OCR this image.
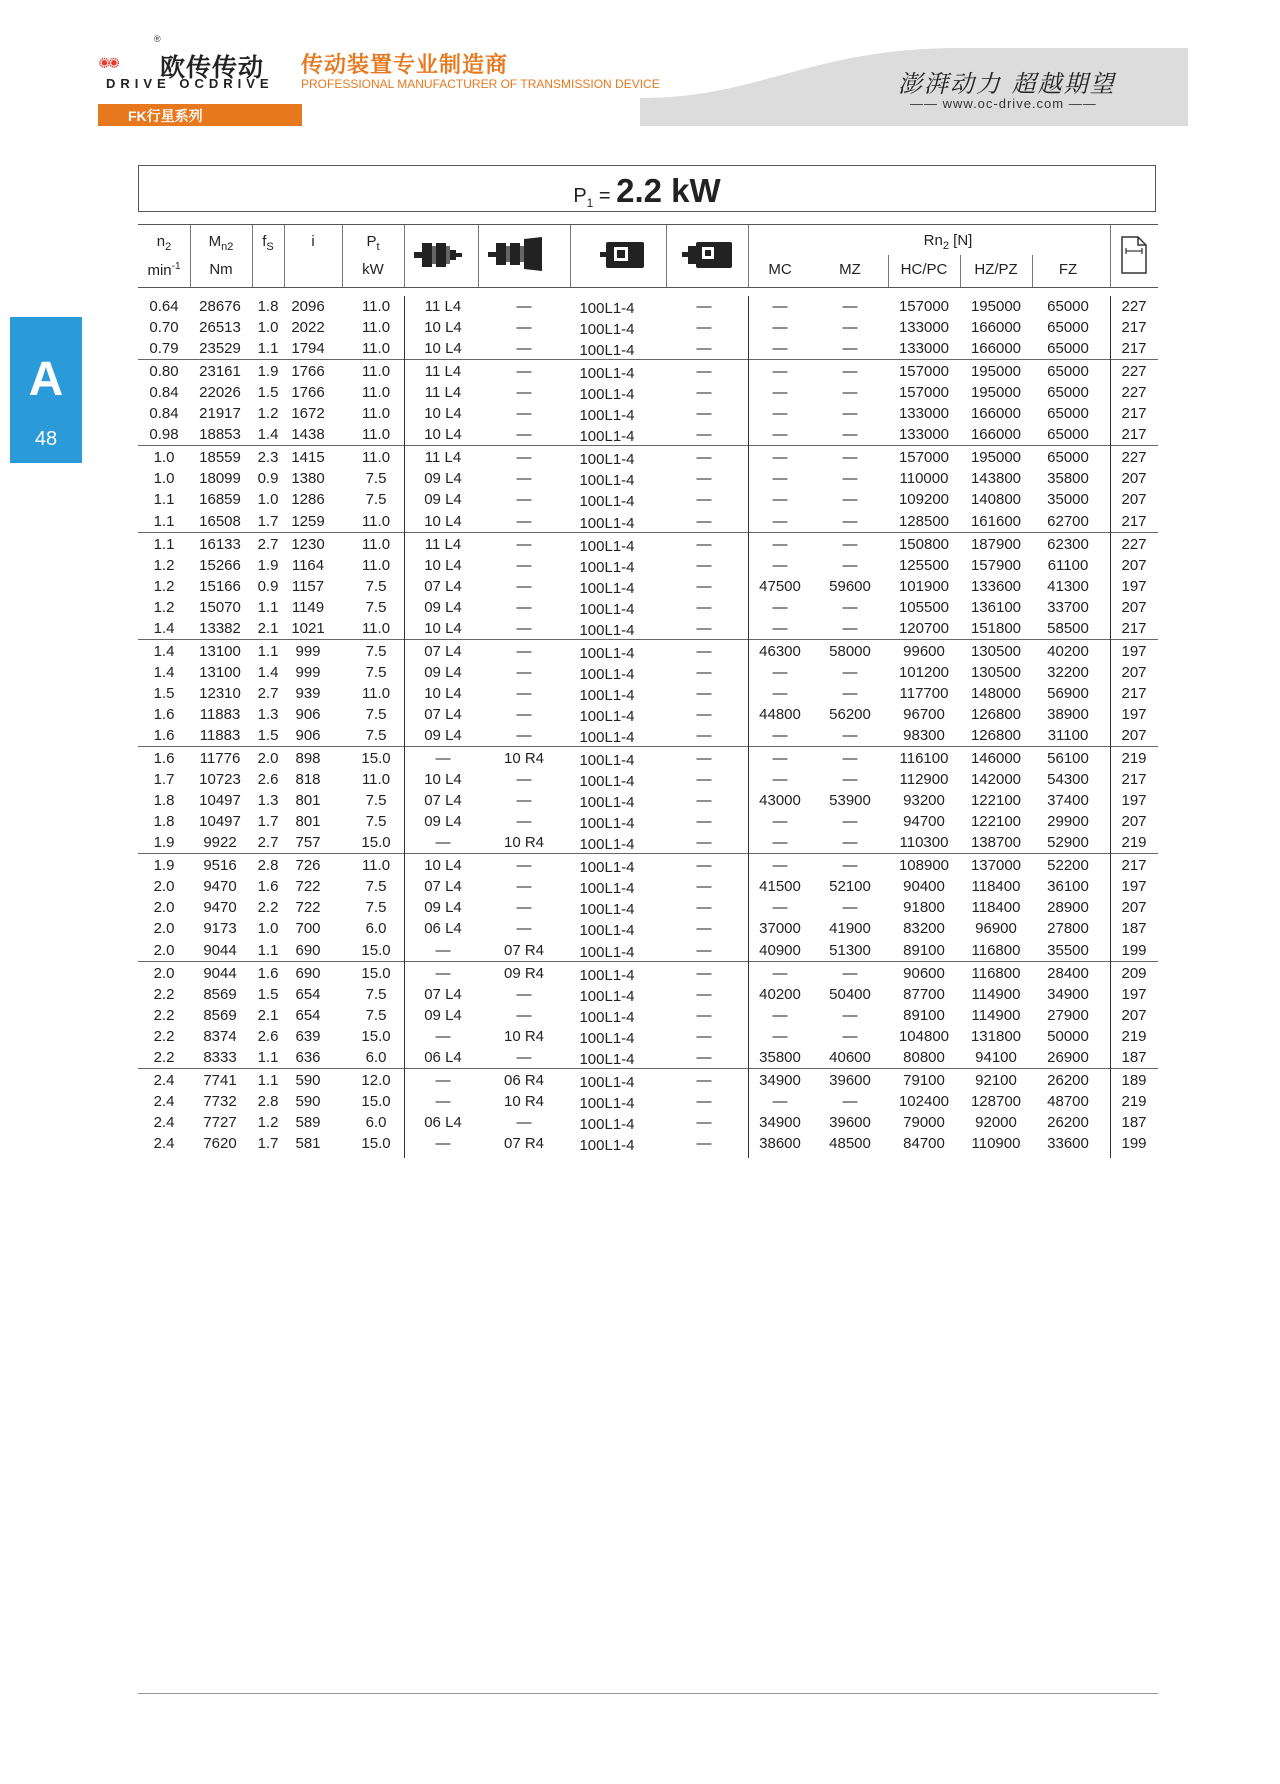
®
欧传传动
DRIVE OCDRIVE
传动装置专业制造商
PROFESSIONAL MANUFACTURER OF TRANSMISSION DEVICE	澎湃动力 超越期望
—— www.oc-drive.com ——
FK行星系列
A
48
$P_1 = 2.2$ kW
$n_2$
$\min^{-1}$
$M_{n2}$
Nm
$f_S$	i	$P_t$
kW
$Rn_2$ [N]
MC	MZ	HC/PC	HZ/PZ	FZ
0.64	28676	1.8 2096	11.0	11 L4	—	100L1-4	—	—	—	157000	195000	65000	227
0.70	26513	1.0 2022	11.0	10 L4	—	100L1-4	—	—	—	133000	166000	65000	217
0.79	23529	1.1 1794	11.0	10 L4	—	100L1-4	—	—	—	133000	166000	65000	217
0.80	23161	1.9 1766	11.0	11 L4	—	100L1-4	—	—	—	157000	195000	65000	227
0.84	22026	1.5 1766	11.0	11 L4	—	100L1-4	—	—	—	157000	195000	65000	227
0.84	21917	1.2 1672	11.0	10 L4	—	100L1-4	—	—	—	133000	166000	65000	217
0.98	18853	1.4 1438	11.0	10 L4	—	100L1-4	—	—	—	133000	166000	65000	217
1.0	18559	2.3 1415	11.0	11 L4	—	100L1-4	—	—	—	157000	195000	65000	227
1.0	18099	0.9 1380	7.5	09 L4	—	100L1-4	—	—	—	110000	143800	35800	207
1.1	16859	1.0 1286	7.5	09 L4	—	100L1-4	—	—	—	109200	140800	35000	207
1.1	16508	1.7 1259	11.0	10 L4	—	100L1-4	—	—	—	128500	161600	62700	217
1.1	16133	2.7 1230	11.0	11 L4	—	100L1-4	—	—	—	150800	187900	62300	227
1.2	15266	1.9 1164	11.0	10 L4	—	100L1-4	—	—	—	125500	157900	61100	207
1.2	15166	0.9 1157	7.5	07 L4	—	100L1-4	—	47500	59600	101900	133600	41300	197
1.2	15070	1.1 1149	7.5	09 L4	—	100L1-4	—	—	—	105500	136100	33700	207
1.4	13382	2.1 1021	11.0	10 L4	—	100L1-4	—	—	—	120700	151800	58500	217
1.4	13100	1.1	999	7.5	07 L4	—	100L1-4	—	46300	58000	99600	130500	40200	197
1.4	13100	1.4	999	7.5	09 L4	—	100L1-4	—	—	—	101200	130500	32200	207
1.5	12310	2.7	939	11.0	10 L4	—	100L1-4	—	—	—	117700	148000	56900	217
1.6	11883	1.3	906	7.5	07 L4	—	100L1-4	—	44800	56200	96700	126800	38900	197
1.6	11883	1.5	906	7.5	09 L4	—	100L1-4	—	—	—	98300	126800	31100	207
1.6	11776	2.0	898	15.0	—	10 R4	100L1-4	—	—	—	116100	146000	56100	219
1.7	10723	2.6	818	11.0	10 L4	—	100L1-4	—	—	—	112900	142000	54300	217
1.8	10497	1.3	801	7.5	07 L4	—	100L1-4	—	43000	53900	93200	122100	37400	197
1.8	10497	1.7	801	7.5	09 L4	—	100L1-4	—	—	—	94700	122100	29900	207
1.9	9922	2.7	757	15.0	—	10 R4	100L1-4	—	—	—	110300	138700	52900	219
1.9	9516	2.8	726	11.0	10 L4	—	100L1-4	—	—	—	108900	137000	52200	217
2.0	9470	1.6	722	7.5	07 L4	—	100L1-4	—	41500	52100	90400	118400	36100	197
2.0	9470	2.2	722	7.5	09 L4	—	100L1-4	—	—	—	91800	118400	28900	207
2.0	9173	1.0	700	6.0	06 L4	—	100L1-4	—	37000	41900	83200	96900	27800	187
2.0	9044	1.1	690	15.0	—	07 R4	100L1-4	—	40900	51300	89100	116800	35500	199
2.0	9044	1.6	690	15.0	—	09 R4	100L1-4	—	—	—	90600	116800	28400	209
2.2	8569	1.5	654	7.5	07 L4	—	100L1-4	—	40200	50400	87700	114900	34900	197
2.2	8569	2.1	654	7.5	09 L4	—	100L1-4	—	—	—	89100	114900	27900	207
2.2	8374	2.6	639	15.0	—	10 R4	100L1-4	—	—	—	104800	131800	50000	219
2.2	8333	1.1	636	6.0	06 L4	—	100L1-4	—	35800	40600	80800	94100	26900	187
2.4	7741	1.1	590	12.0	—	06 R4	100L1-4	—	34900	39600	79100	92100	26200	189
2.4	7732	2.8	590	15.0	—	10 R4	100L1-4	—	—	—	102400	128700	48700	219
2.4	7727	1.2	589	6.0	06 L4	—	100L1-4	—	34900	39600	79000	92000	26200	187
2.4	7620	1.7	581	15.0	—	07 R4	100L1-4	—	38600	48500	84700	110900	33600	199
